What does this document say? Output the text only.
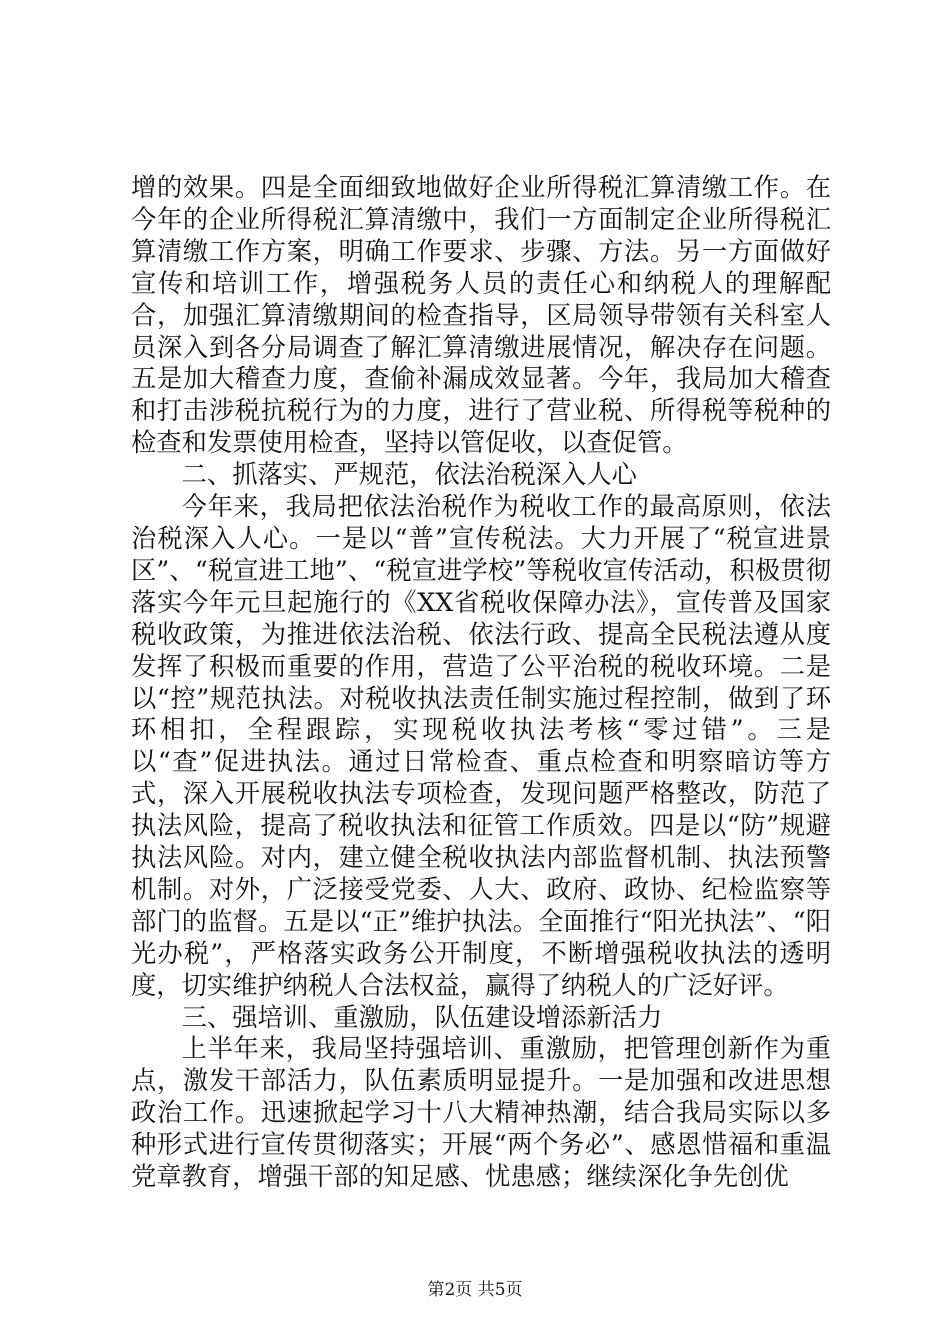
增的效果。四是全面细致地做好企业所得税汇算清缴工作。在今年的企业所得税汇算清缴中，我们一方面制定企业所得税汇算清缴工作方案，明确工作要求、步骤、方法。另一方面做好宣传和培训工作，增强税务人员的责任心和纳税人的理解配合，加强汇算清缴期间的检查指导，区局领导带领有关科室人员深入到各分局调查了解汇算清缴进展情况，解决存在问题。五是加大稽查力度，查偷补漏成效显著。今年，我局加大稽查和打击涉税抗税行为的力度，进行了营业税、所得税等税种的检查和发票使用检查，坚持以管促收，以查促管。

二、抓落实、严规范，依法治税深入人心

今年来，我局把依法治税作为税收工作的最高原则，依法治税深入人心。一是以“普”宣传税法。大力开展了“税宣进景区”、“税宣进工地”、“税宣进学校”等税收宣传活动，积极贯彻落实今年元旦起施行的《XX省税收保障办法》，宣传普及国家税收政策，为推进依法治税、依法行政、提高全民税法遵从度发挥了积极而重要的作用，营造了公平治税的税收环境。二是以“控”规范执法。对税收执法责任制实施过程控制，做到了环环相扣，全程跟踪，实现税收执法考核“零过错”。三是以“查”促进执法。通过日常检查、重点检查和明察暗访等方式，深入开展税收执法专项检查，发现问题严格整改，防范了执法风险，提高了税收执法和征管工作质效。四是以“防”规避执法风险。对内，建立健全税收执法内部监督机制、执法预警机制。对外，广泛接受党委、人大、政府、政协、纪检监察等部门的监督。五是以“正”维护执法。全面推行“阳光执法”、“阳光办税”，严格落实政务公开制度，不断增强税收执法的透明度，切实维护纳税人合法权益，赢得了纳税人的广泛好评。

三、强培训、重激励，队伍建设增添新活力

上半年来，我局坚持强培训、重激励，把管理创新作为重点，激发干部活力，队伍素质明显提升。一是加强和改进思想政治工作。迅速掀起学习十八大精神热潮，结合我局实际以多种形式进行宣传贯彻落实；开展“两个务必”、感恩惜福和重温党章教育，增强干部的知足感、忧患感；继续深化争先创优

第2页 共5页
